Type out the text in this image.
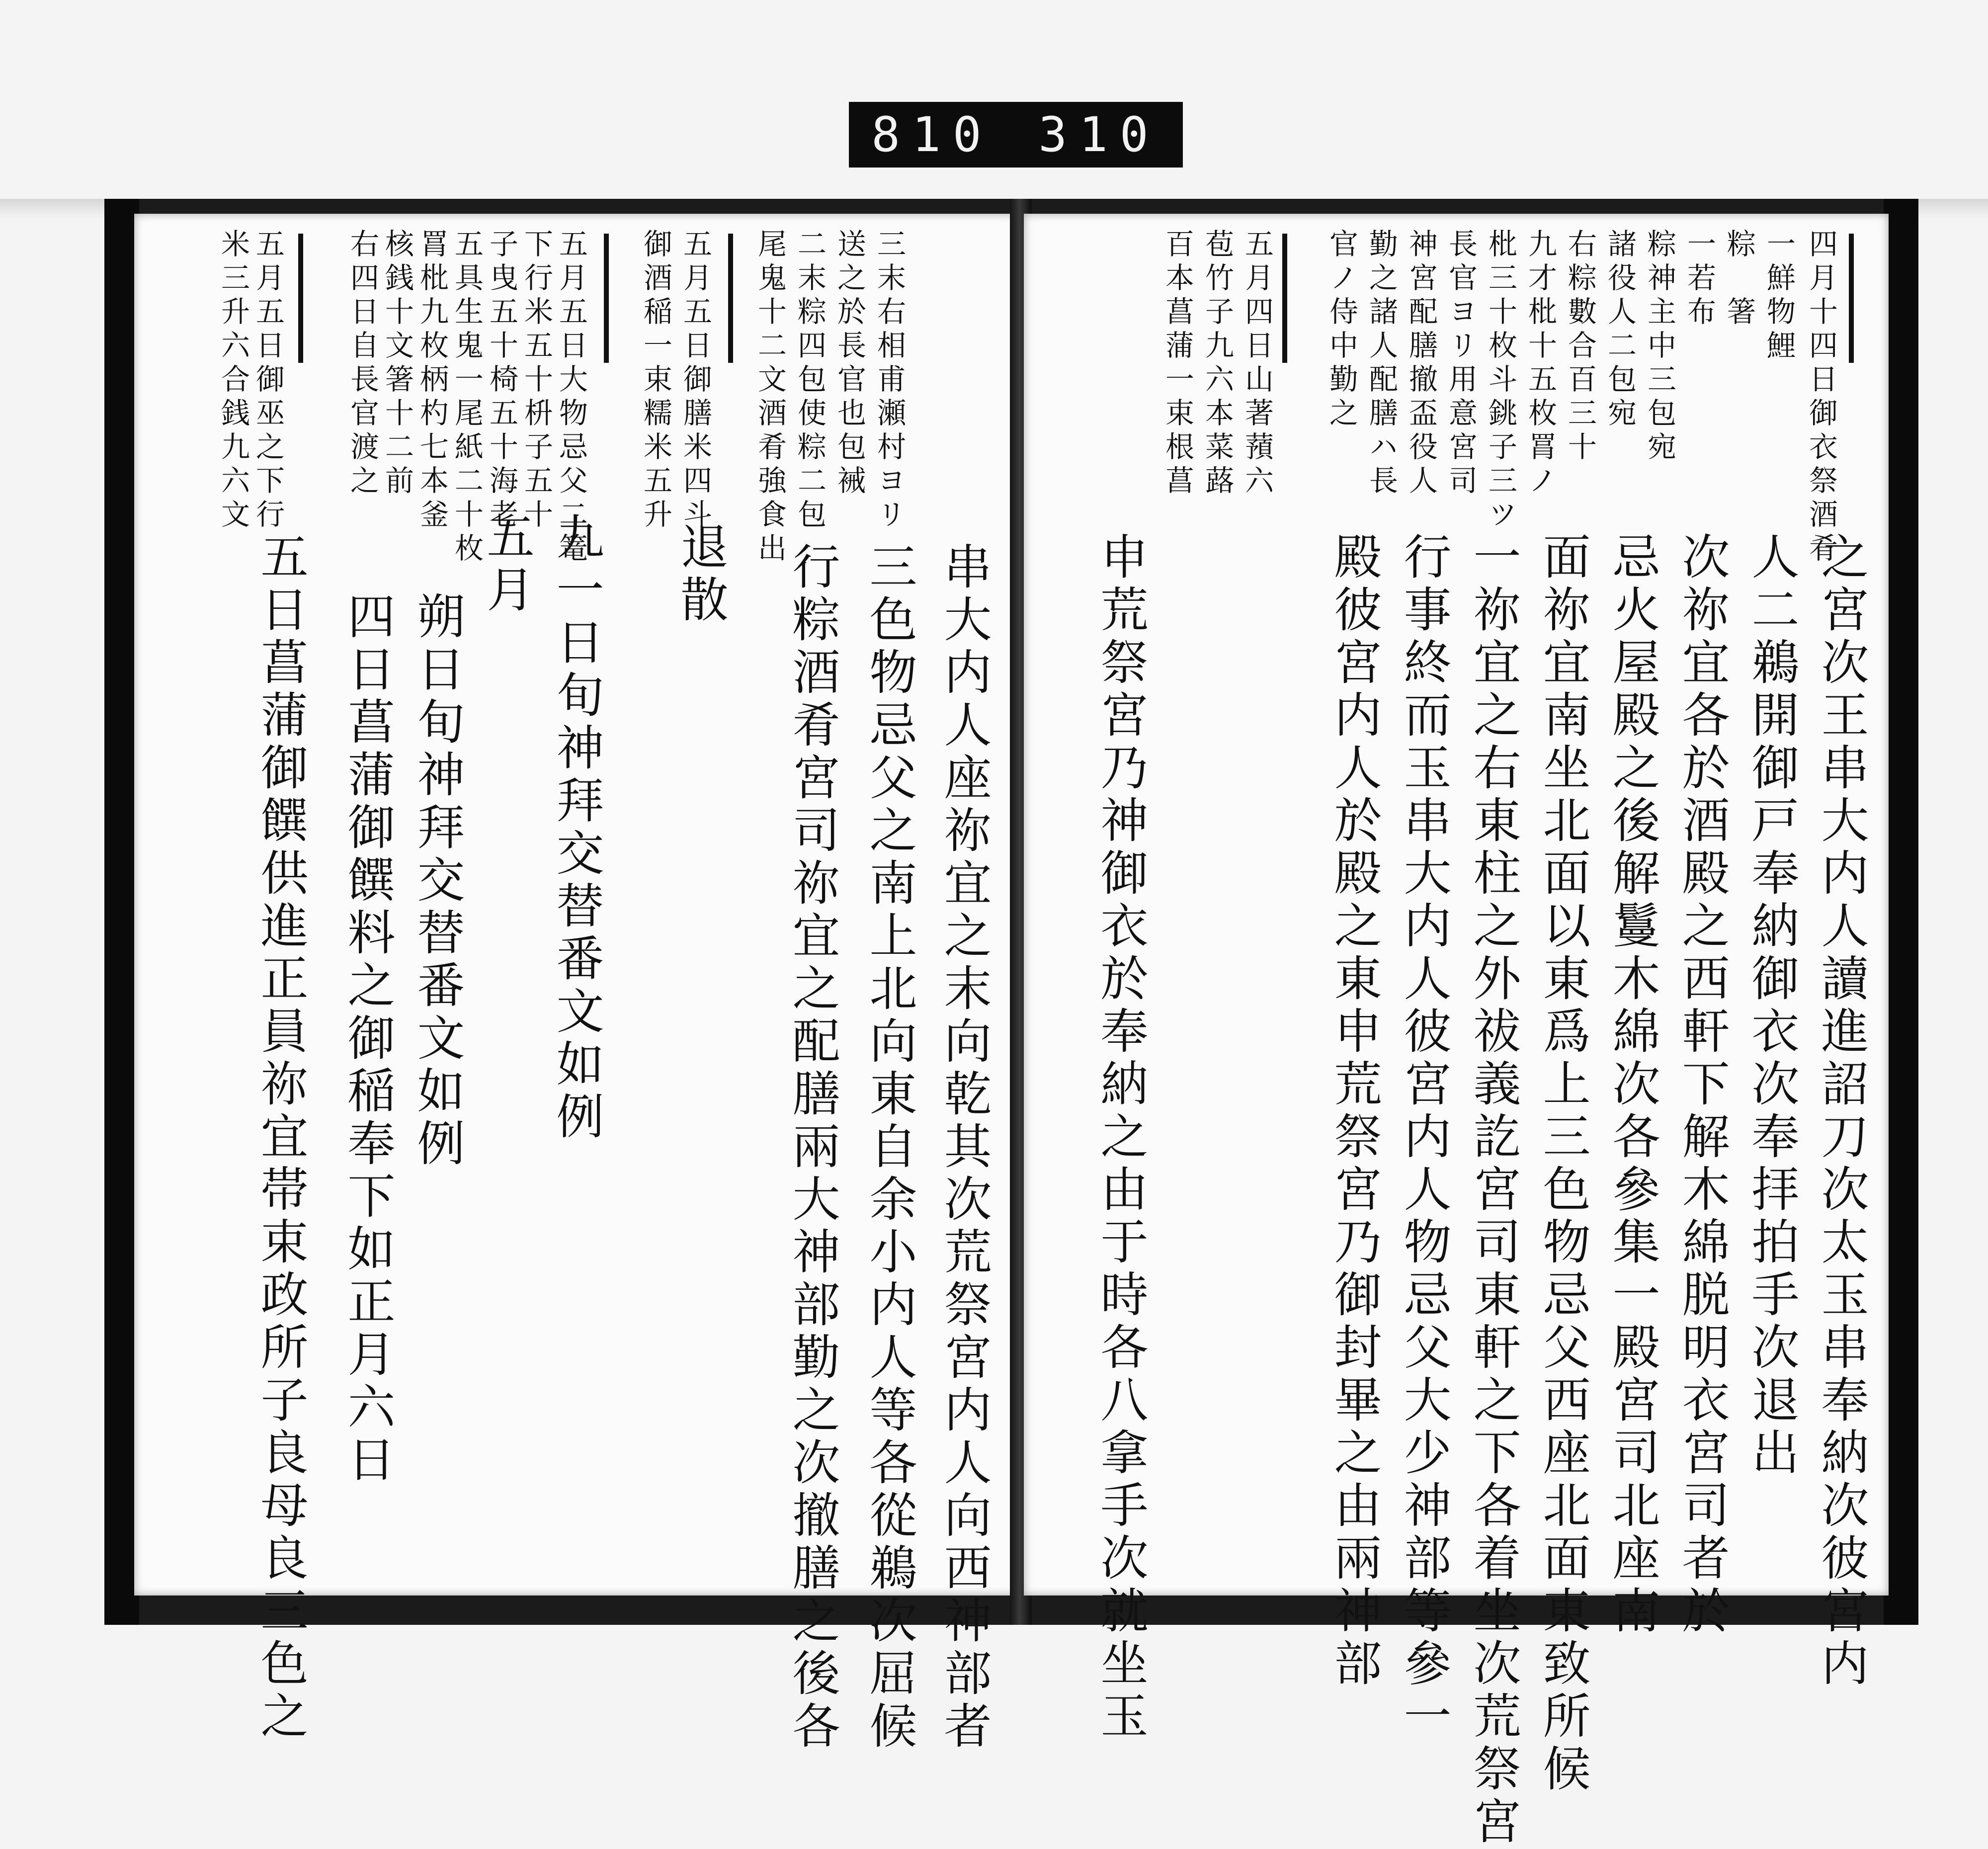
810 310
三末右相甫瀬村ヨリ
送之於長官也包裓
二末粽四包使粽二包
尾鬼十二文酒肴強食出
串大内人座祢宜之末向乾其次荒祭宮内人向西神部者
三色物忌父之南上北向東自余小内人等各從鵜次屈候
行粽酒肴宮司祢宜之配膳兩大神部勤之次撤膳之後各
五月五日御膳米四斗
御酒稲一束糯米五升
退散
五月五日大物忌父二篭
下行米五十枡子五十
子曳五十椅五十海老
五具生鬼一尾紙二十枚
罥枇九枚柄杓七本釜
核銭十文箸十二前
右四日自長官渡之
九一日旬神拜交替番文如例
五月
朔日旬神拜交替番文如例
四日菖蒲御饌料之御稲奉下如正月六日
五月五日御巫之下行
米三升六合銭九六文
五日菖蒲御饌供進正員祢宜帯束政所子良母良三色之
四月十四日御衣祭酒肴
一鮮物鯉
粽　箸
一若布
粽神主中三包宛
諸役人二包宛
右粽數合百三十
九才枇十五枚罥ノ
枇三十枚斗銚子三ツ
長官ヨリ用意宮司
神宮配膳撤盃役人
勤之諸人配膳ハ長
官ノ侍中勤之
五月四日山著蕷六
苞竹子九六本菜蕗
百本菖蒲一束根菖
之宮次王串大内人讀進詔刀次太玉串奉納次彼宮内
人二鵜開御戸奉納御衣次奉拝拍手次退出
次祢宜各於酒殿之西軒下解木綿脱明衣宮司者於
忌火屋殿之後解鬘木綿次各參集一殿宮司北座南
面祢宜南坐北面以東爲上三色物忌父西座北面東致所候
一祢宜之右東柱之外祓義訖宮司東軒之下各着坐次荒祭宮
行事終而玉串大内人彼宮内人物忌父大少神部等參一
殿彼宮内人於殿之東申荒祭宮乃御封畢之由兩神部
申荒祭宮乃神御衣於奉納之由于時各八拿手次就坐玉
